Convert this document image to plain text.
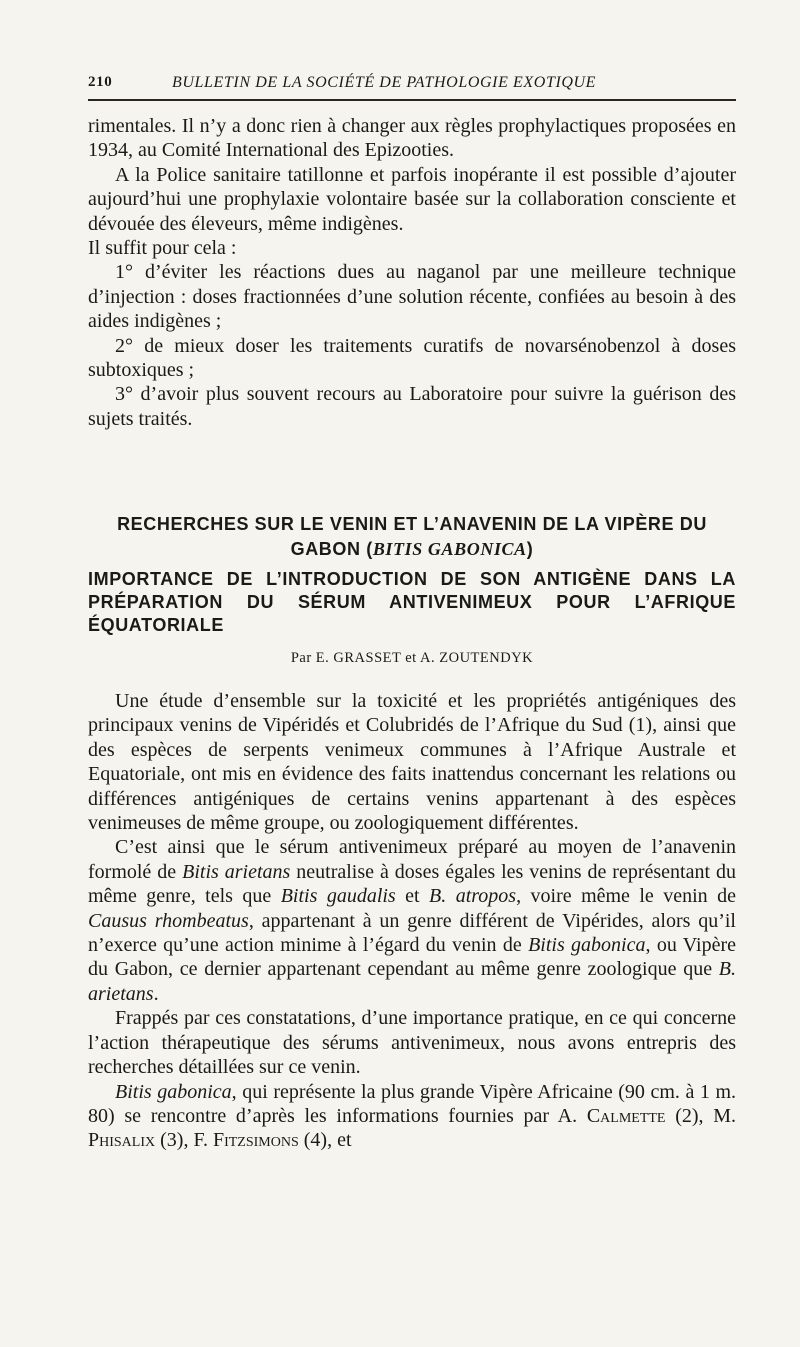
210	BULLETIN DE LA SOCIÉTÉ DE PATHOLOGIE EXOTIQUE

rimentales. Il n’y a donc rien à changer aux règles prophylactiques proposées en 1934, au Comité International des Epizooties.

A la Police sanitaire tatillonne et parfois inopérante il est possible d’ajouter aujourd’hui une prophylaxie volontaire basée sur la collaboration consciente et dévouée des éleveurs, même indigènes.

Il suffit pour cela :

1° d’éviter les réactions dues au naganol par une meilleure technique d’injection : doses fractionnées d’une solution récente, confiées au besoin à des aides indigènes ;

2° de mieux doser les traitements curatifs de novarsénobenzol à doses subtoxiques ;

3° d’avoir plus souvent recours au Laboratoire pour suivre la guérison des sujets traités.

RECHERCHES SUR LE VENIN ET L’ANAVENIN DE LA VIPÈRE DU GABON (BITIS GABONICA)
IMPORTANCE DE L’INTRODUCTION DE SON ANTIGÈNE DANS LA PRÉPARATION DU SÉRUM ANTIVENIMEUX POUR L’AFRIQUE ÉQUATORIALE

Par E. GRASSET et A. ZOUTENDYK

Une étude d’ensemble sur la toxicité et les propriétés antigéniques des principaux venins de Vipéridés et Colubridés de l’Afrique du Sud (1), ainsi que des espèces de serpents venimeux communes à l’Afrique Australe et Equatoriale, ont mis en évidence des faits inattendus concernant les relations ou différences antigéniques de certains venins appartenant à des espèces venimeuses de même groupe, ou zoologiquement différentes.

C’est ainsi que le sérum antivenimeux préparé au moyen de l’anavenin formolé de Bitis arietans neutralise à doses égales les venins de représentant du même genre, tels que Bitis gaudalis et B. atropos, voire même le venin de Causus rhombeatus, appartenant à un genre différent de Vipérides, alors qu’il n’exerce qu’une action minime à l’égard du venin de Bitis gabonica, ou Vipère du Gabon, ce dernier appartenant cependant au même genre zoologique que B. arietans.

Frappés par ces constatations, d’une importance pratique, en ce qui concerne l’action thérapeutique des sérums antivenimeux, nous avons entrepris des recherches détaillées sur ce venin.

Bitis gabonica, qui représente la plus grande Vipère Africaine (90 cm. à 1 m. 80) se rencontre d’après les informations fournies par A. Calmette (2), M. Phisalix (3), F. Fitzsimons (4), et
